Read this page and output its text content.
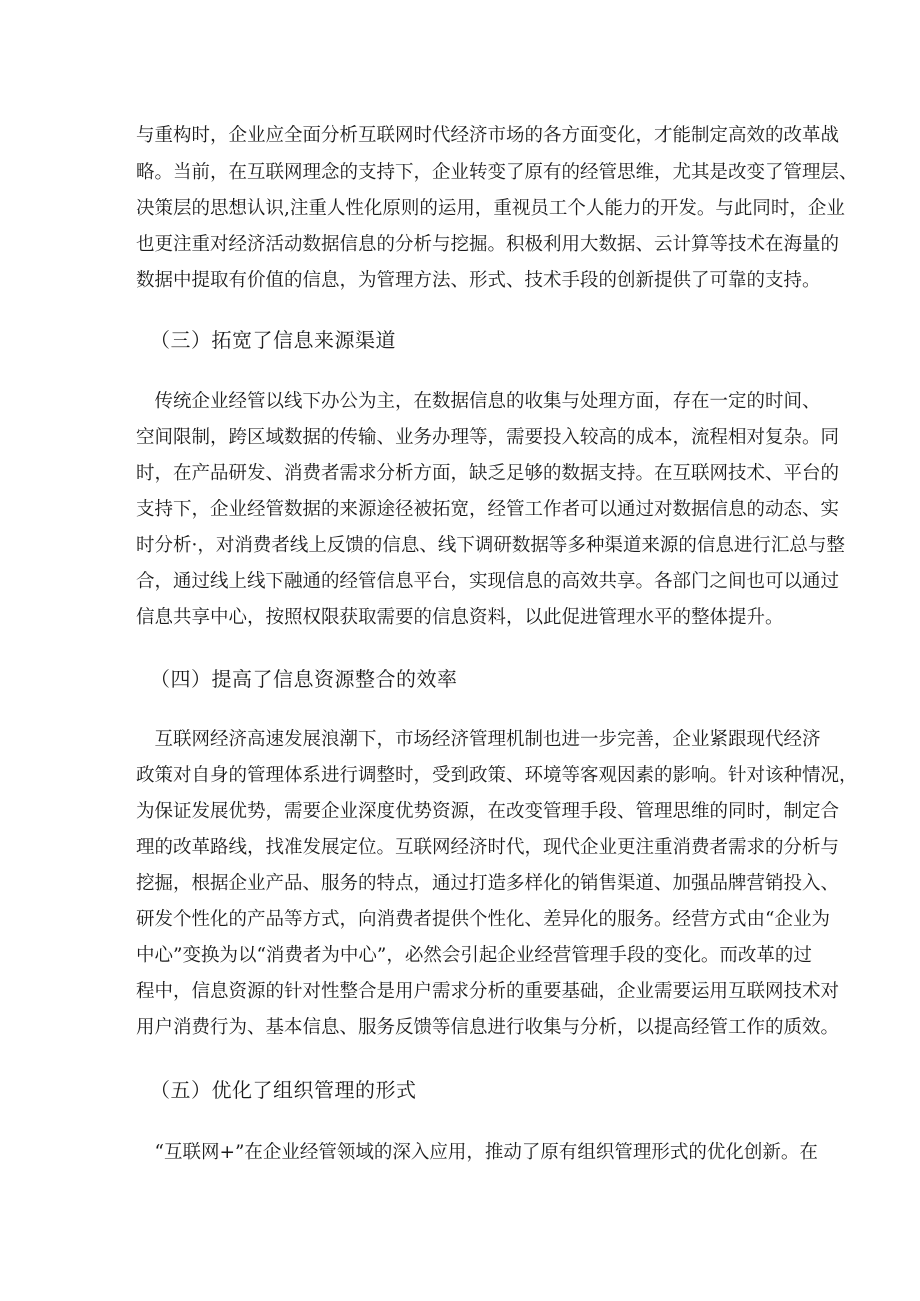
与重构时，企业应全面分析互联网时代经济市场的各方面变化，才能制定高效的改革战
略。当前，在互联网理念的支持下，企业转变了原有的经管思维，尤其是改变了管理层、
决策层的思想认识,注重人性化原则的运用，重视员工个人能力的开发。与此同时，企业
也更注重对经济活动数据信息的分析与挖掘。积极利用大数据、云计算等技术在海量的
数据中提取有价值的信息，为管理方法、形式、技术手段的创新提供了可靠的支持。
（三）拓宽了信息来源渠道
　传统企业经管以线下办公为主，在数据信息的收集与处理方面，存在一定的时间、
空间限制，跨区域数据的传输、业务办理等，需要投入较高的成本，流程相对复杂。同
时，在产品研发、消费者需求分析方面，缺乏足够的数据支持。在互联网技术、平台的
支持下，企业经管数据的来源途径被拓宽，经管工作者可以通过对数据信息的动态、实
时分析·，对消费者线上反馈的信息、线下调研数据等多种渠道来源的信息进行汇总与整
合，通过线上线下融通的经管信息平台，实现信息的高效共享。各部门之间也可以通过
信息共享中心，按照权限获取需要的信息资料，以此促进管理水平的整体提升。
（四）提高了信息资源整合的效率
　互联网经济高速发展浪潮下，市场经济管理机制也进一步完善，企业紧跟现代经济
政策对自身的管理体系进行调整时，受到政策、环境等客观因素的影响。针对该种情况，
为保证发展优势，需要企业深度优势资源，在改变管理手段、管理思维的同时，制定合
理的改革路线，找准发展定位。互联网经济时代，现代企业更注重消费者需求的分析与
挖掘，根据企业产品、服务的特点，通过打造多样化的销售渠道、加强品牌营销投入、
研发个性化的产品等方式，向消费者提供个性化、差异化的服务。经营方式由“企业为
中心”变换为以“消费者为中心”，必然会引起企业经营管理手段的变化。而改革的过
程中，信息资源的针对性整合是用户需求分析的重要基础，企业需要运用互联网技术对
用户消费行为、基本信息、服务反馈等信息进行收集与分析，以提高经管工作的质效。
（五）优化了组织管理的形式
　“互联网+”在企业经管领域的深入应用，推动了原有组织管理形式的优化创新。在
